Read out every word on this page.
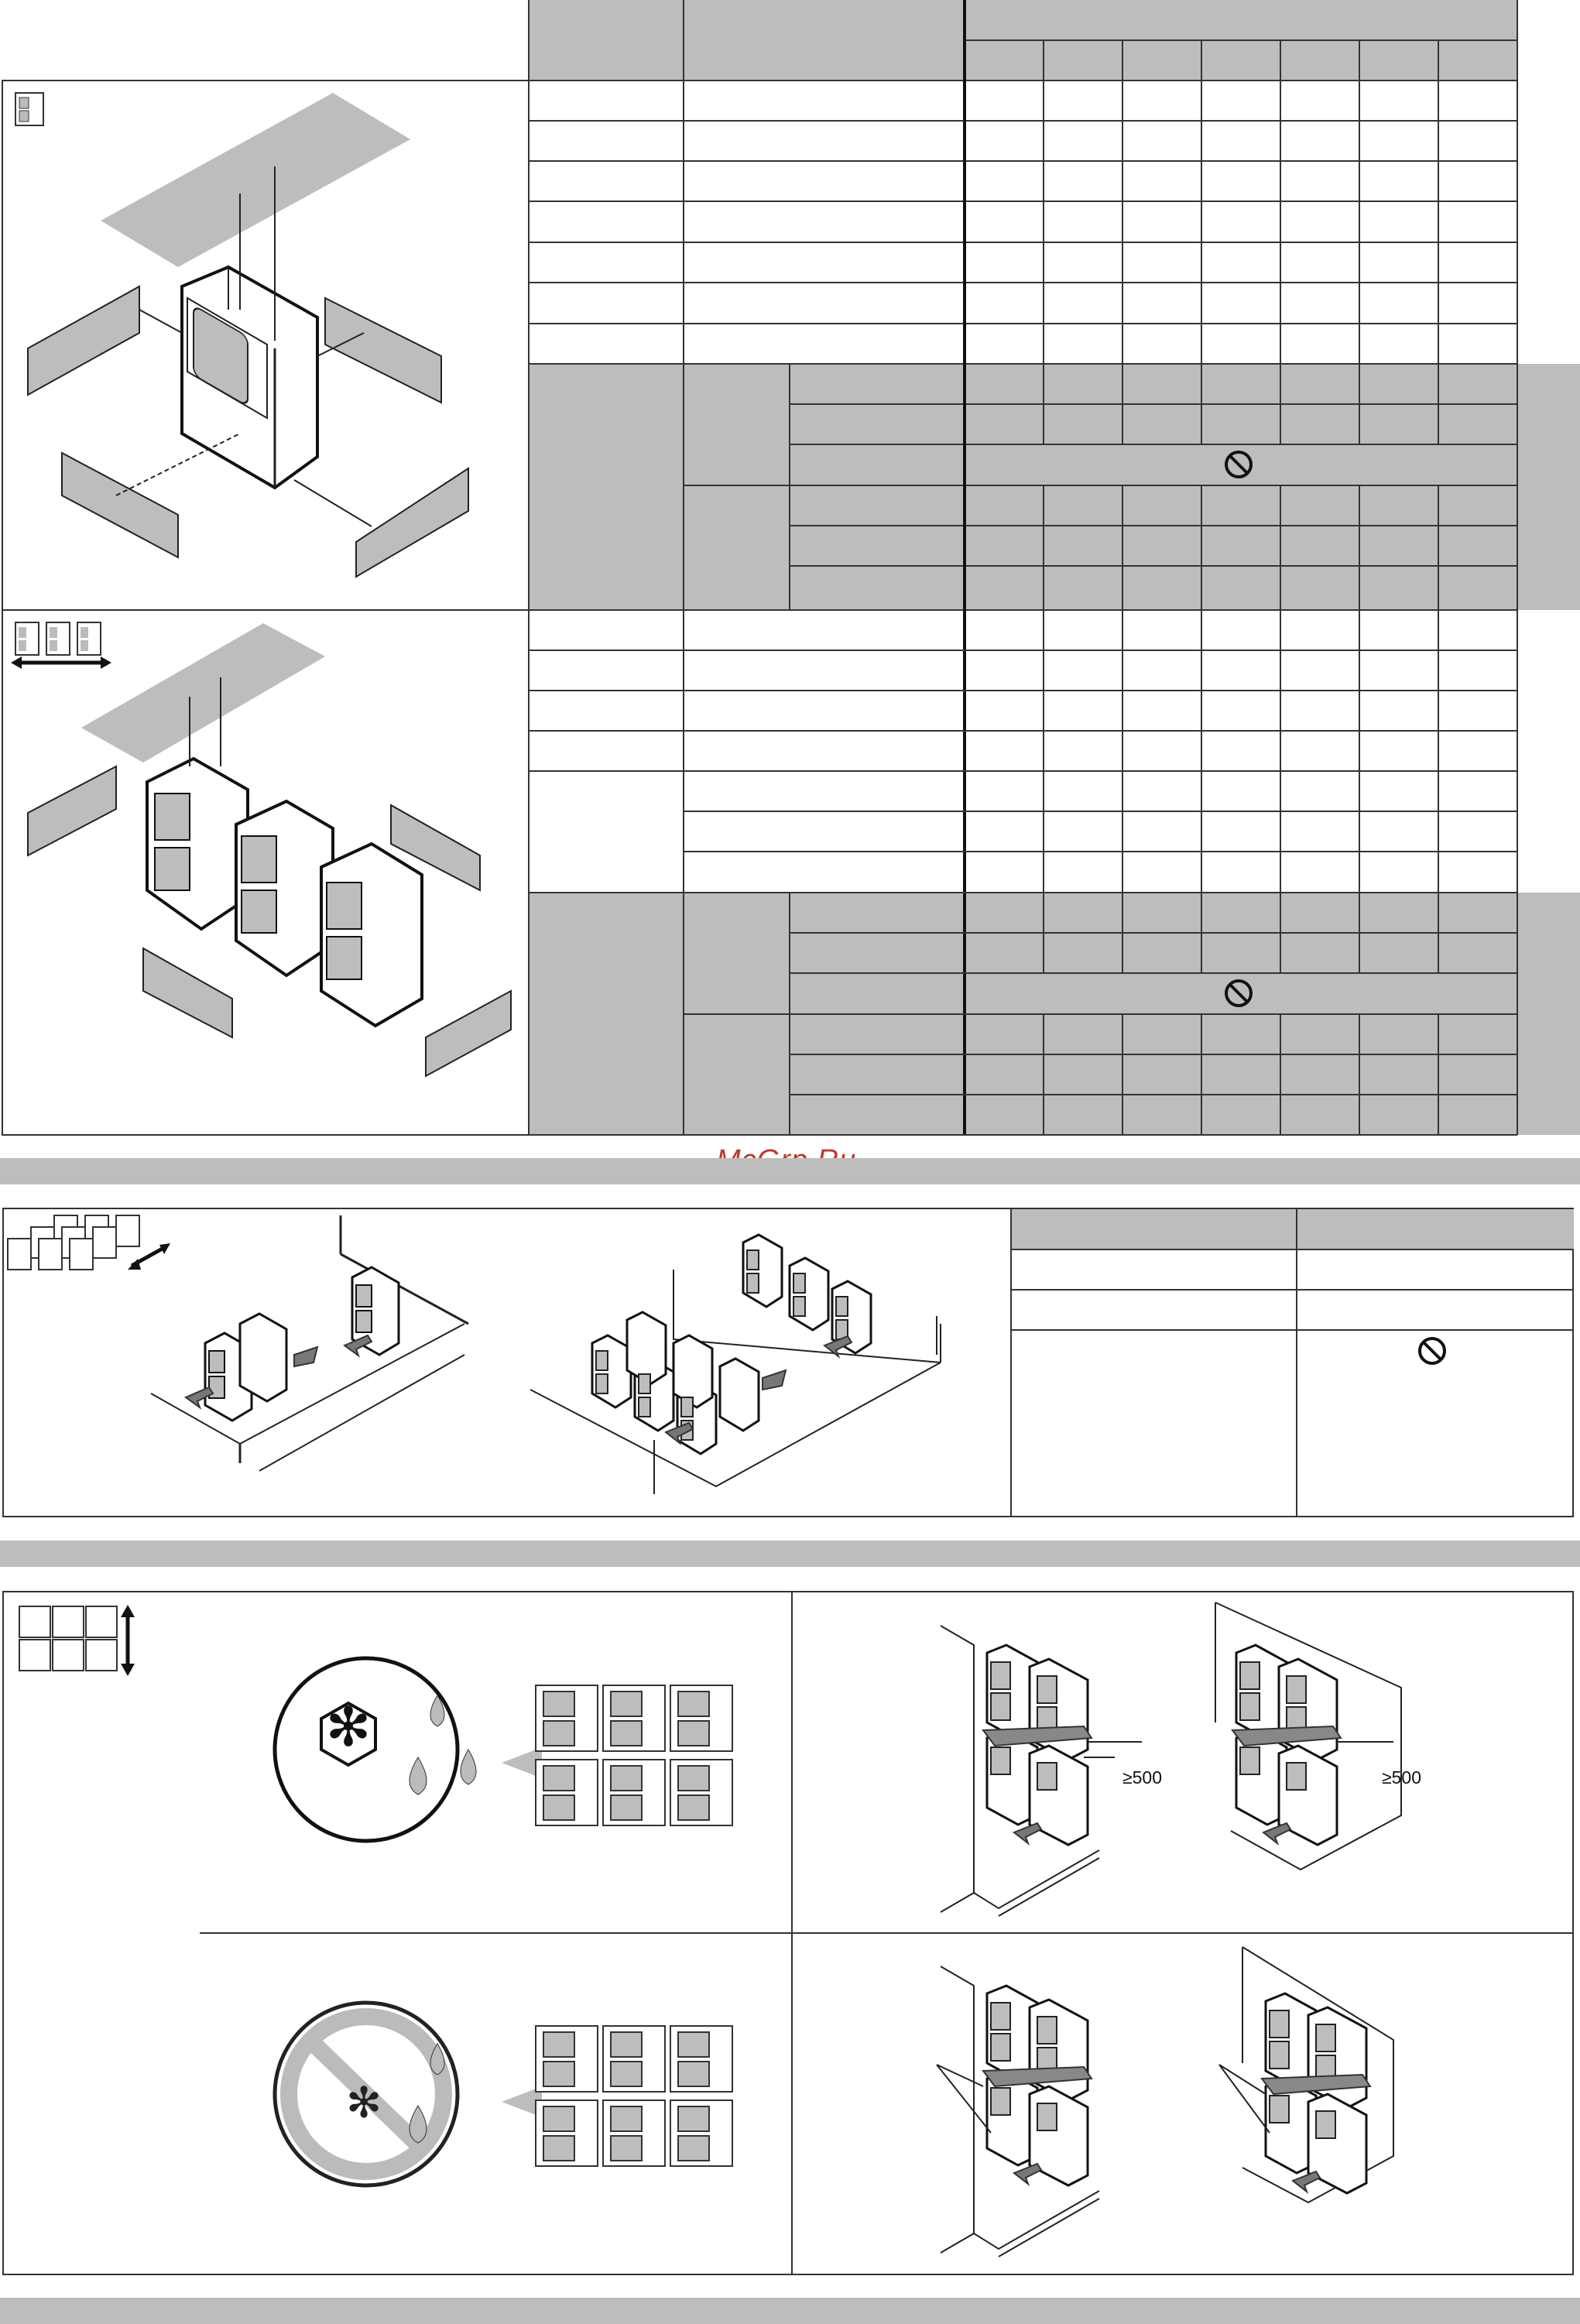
✻
✻
≥500	≥500
